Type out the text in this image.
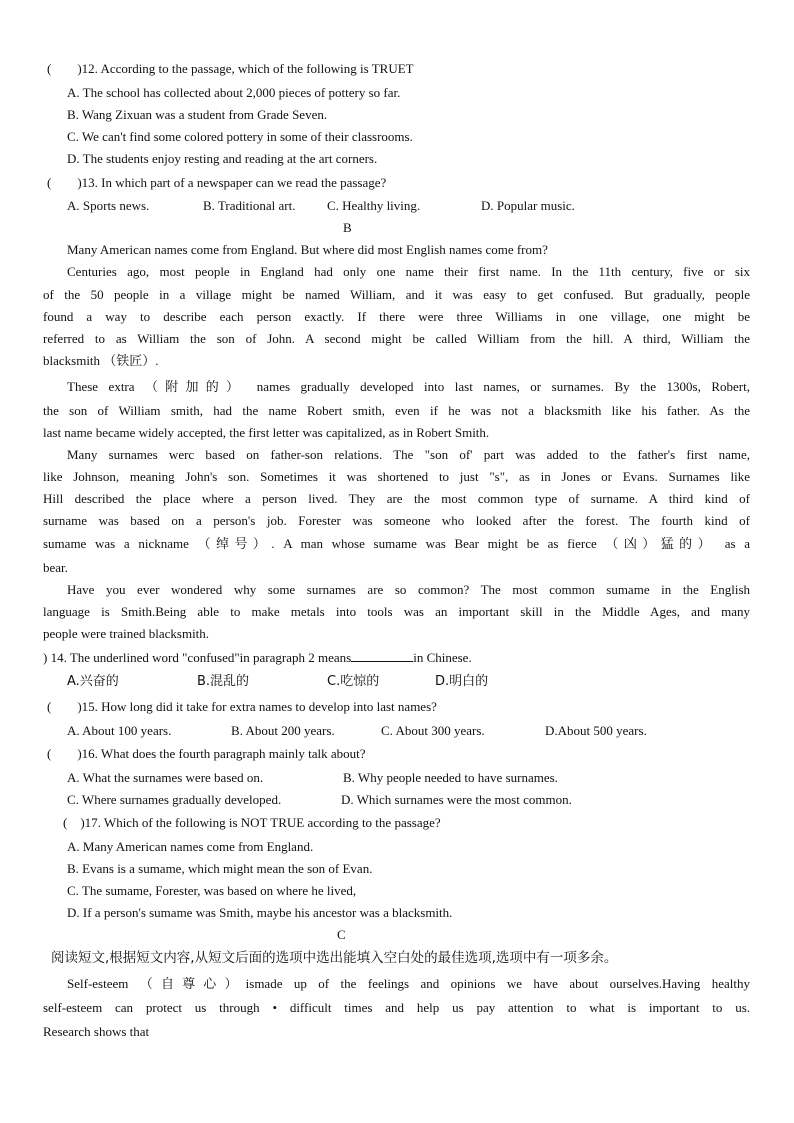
(　　)12. According to the passage, which of the following is TRUET
A. The school has collected about 2,000 pieces of pottery so far.
B. Wang Zixuan was a student from Grade Seven.
C. We can't find some colored pottery in some of their classrooms.
D. The students enjoy resting and reading at the art corners.
(　　)13. In which part of a newspaper can we read the passage?
A. Sports news.	B. Traditional art. C. Healthy living.	D. Popular music.
B
Many American names come from England. But where did most English names come from?
Centuries ago, most people in England had only one name their first name. In the 11th century, five or six
of the 50 people in a village might be named William, and it was easy to get confused. But gradually, people
found a way to describe each person exactly. If there were three Williams in one village, one might be
referred to as William the son of John. A second might be called William from the hill. A third, William the
blacksmith （铁匠）.
These extra （附加的） names gradually developed into last names, or surnames. By the 1300s, Robert,
the son of William smith, had the name Robert smith, even if he was not a blacksmith like his father. As the
last name became widely accepted, the first letter was capitalized, as in Robert Smith.
Many surnames werc based on father-son relations. The "son of' part was added to the father's first name,
like Johnson, meaning John's son. Sometimes it was shortened to just "s", as in Jones or Evans. Surnames like
Hill described the place where a person lived. They are the most common type of surname. A third kind of
surname was based on a person's job. Forester was someone who looked after the forest. The fourth kind of
sumame was a nickname （绰号）. A man whose sumame was Bear might be as fierce （凶）猛的） as a
bear.
Have you ever wondered why some surnames are so common? The most common sumame in the English
language is Smith.Being able to make metals into tools was an important skill in the Middle Ages, and many
people were trained blacksmith.
) 14. The underlined word "confused"in paragraph 2 means	in Chinese.
A.兴奋的	B.混乱的	C.吃惊的	D.明白的
(　　)15. How long did it take for extra names to develop into last names?
A. About 100 years.	B. About 200 years.	C. About 300 years.	D.About 500 years.
(　　)16. What does the fourth paragraph mainly talk about?
A. What the surnames were based on.	B. Why people needed to have surnames.
C. Where surnames gradually developed.	D. Which surnames were the most common.
(　)17. Which of the following is NOT TRUE according to the passage?
A. Many American names come from England.
B. Evans is a sumame, which might mean the son of Evan.
C. The sumame, Forester, was based on where he lived,
D. If a person's sumame was Smith, maybe his ancestor was a blacksmith.
C
阅读短文,根据短文内容,从短文后面的选项中选出能填入空白处的最佳选项,选项中有一项多余。
Self-esteem （自尊心）ismade up of the feelings and opinions we have about ourselves.Having healthy
self-esteem can protect us through • difficult times and help us pay attention to what is important to us.
Research shows that
